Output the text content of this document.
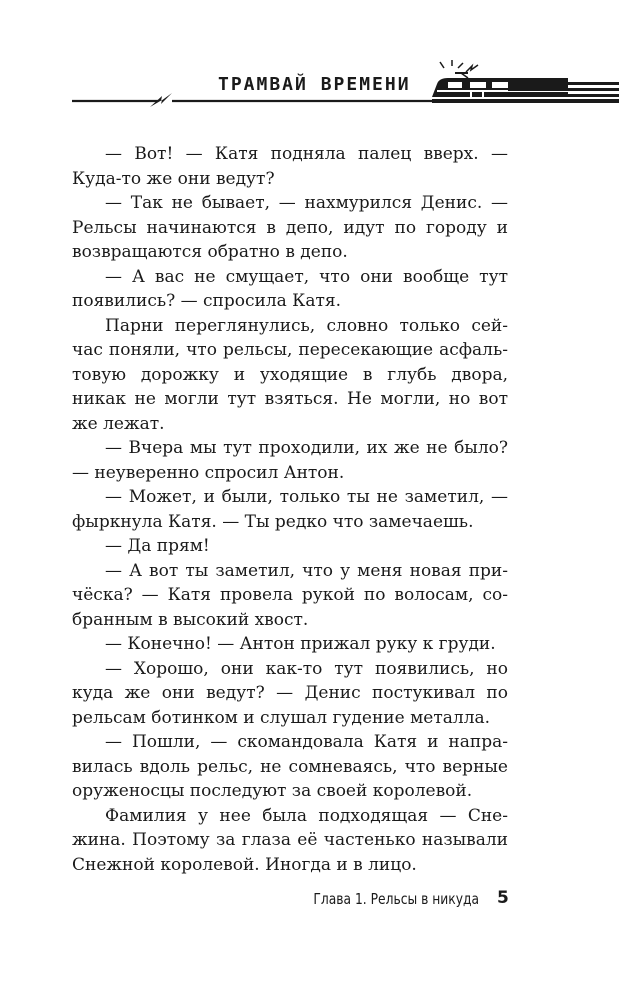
ТРАМВАЙ ВРЕМЕНИ

— Вот! — Катя подняла палец вверх. — Куда-то же они ведут?

— Так не бывает, — нахмурился Денис. — Рельсы начинаются в депо, идут по городу и возвращаются обратно в депо.

— А вас не смущает, что они вообще тут появились? — спросила Катя.

Парни переглянулись, словно только сейчас поняли, что рельсы, пересекающие асфальтовую дорожку и уходящие в глубь двора, никак не могли тут взяться. Не могли, но вот же лежат.

— Вчера мы тут проходили, их же не было? — неуверенно спросил Антон.

— Может, и были, только ты не заметил, — фыркнула Катя. — Ты редко что замечаешь.

— Да прям!

— А вот ты заметил, что у меня новая причёска? — Катя провела рукой по волосам, собранным в высокий хвост.

— Конечно! — Антон прижал руку к груди.

— Хорошо, они как-то тут появились, но куда же они ведут? — Денис постукивал по рельсам ботинком и слушал гудение металла.

— Пошли, — скомандовала Катя и направилась вдоль рельс, не сомневаясь, что верные оруженосцы последуют за своей королевой.

Фамилия у нее была подходящая — Снежина. Поэтому за глаза её частенько называли Снежной королевой. Иногда и в лицо.

Глава 1. Рельсы в никуда 5
